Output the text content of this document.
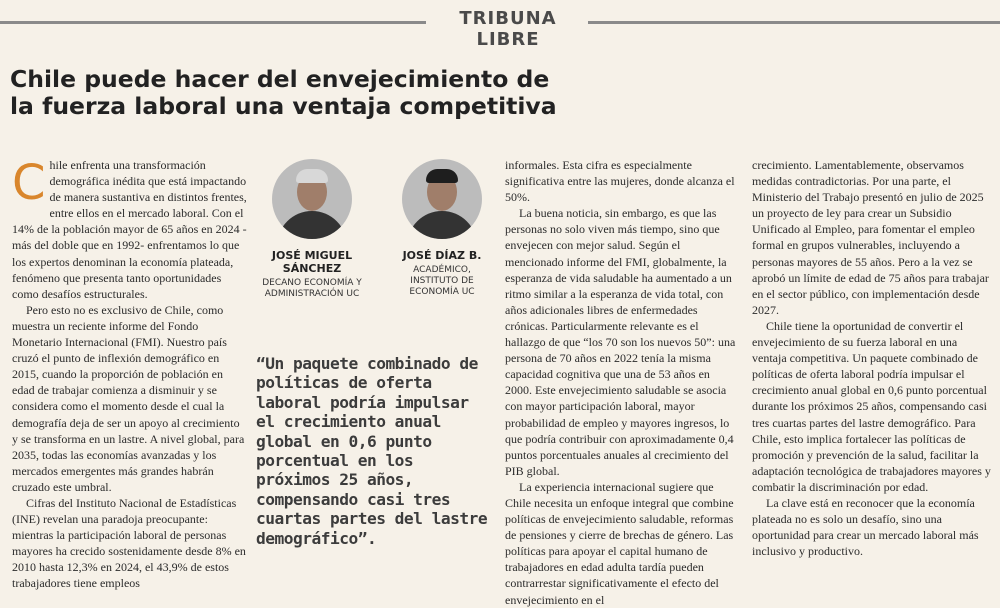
TRIBUNA LIBRE
Chile puede hacer del envejecimiento de la fuerza laboral una ventaja competitiva
C hile enfrenta una transformación demográfica inédita que está impactando de manera sustantiva en distintos frentes, entre ellos en el mercado laboral. Con el 14% de la población mayor de 65 años en 2024 -más del doble que en 1992- enfrentamos lo que los expertos denominan la economía plateada, fenómeno que presenta tanto oportunidades como desafíos estructurales.

Pero esto no es exclusivo de Chile, como muestra un reciente informe del Fondo Monetario Internacional (FMI). Nuestro país cruzó el punto de inflexión demográfico en 2015, cuando la proporción de población en edad de trabajar comienza a disminuir y se considera como el momento desde el cual la demografía deja de ser un apoyo al crecimiento y se transforma en un lastre. A nivel global, para 2035, todas las economías avanzadas y los mercados emergentes más grandes habrán cruzado este umbral.

Cifras del Instituto Nacional de Estadísticas (INE) revelan una paradoja preocupante: mientras la participación laboral de personas mayores ha crecido sostenidamente desde 8% en 2010 hasta 12,3% en 2024, el 43,9% de estos trabajadores tiene empleos

JOSÉ MIGUEL SÁNCHEZ
DECANO ECONOMÍA Y ADMINISTRACIÓN UC
JOSÉ DÍAZ B.
ACADÉMICO, INSTITUTO DE ECONOMÍA UC

“Un paquete combinado de políticas de oferta laboral podría impulsar el crecimiento anual global en 0,6 punto porcentual en los próximos 25 años, compensando casi tres cuartas partes del lastre demográfico”.

informales. Esta cifra es especialmente significativa entre las mujeres, donde alcanza el 50%.

La buena noticia, sin embargo, es que las personas no solo viven más tiempo, sino que envejecen con mejor salud. Según el mencionado informe del FMI, globalmente, la esperanza de vida saludable ha aumentado a un ritmo similar a la esperanza de vida total, con años adicionales libres de enfermedades crónicas. Particularmente relevante es el hallazgo de que “los 70 son los nuevos 50”: una persona de 70 años en 2022 tenía la misma capacidad cognitiva que una de 53 años en 2000. Este envejecimiento saludable se asocia con mayor participación laboral, mayor probabilidad de empleo y mayores ingresos, lo que podría contribuir con aproximadamente 0,4 puntos porcentuales anuales al crecimiento del PIB global.

La experiencia internacional sugiere que Chile necesita un enfoque integral que combine políticas de envejecimiento saludable, reformas de pensiones y cierre de brechas de género. Las políticas para apoyar el capital humano de trabajadores en edad adulta tardía pueden contrarrestar significativamente el efecto del envejecimiento en el

crecimiento. Lamentablemente, observamos medidas contradictorias. Por una parte, el Ministerio del Trabajo presentó en julio de 2025 un proyecto de ley para crear un Subsidio Unificado al Empleo, para fomentar el empleo formal en grupos vulnerables, incluyendo a personas mayores de 55 años. Pero a la vez se aprobó un límite de edad de 75 años para trabajar en el sector público, con implementación desde 2027.

Chile tiene la oportunidad de convertir el envejecimiento de su fuerza laboral en una ventaja competitiva. Un paquete combinado de políticas de oferta laboral podría impulsar el crecimiento anual global en 0,6 punto porcentual durante los próximos 25 años, compensando casi tres cuartas partes del lastre demográfico. Para Chile, esto implica fortalecer las políticas de promoción y prevención de la salud, facilitar la adaptación tecnológica de trabajadores mayores y combatir la discriminación por edad.

La clave está en reconocer que la economía plateada no es solo un desafío, sino una oportunidad para crear un mercado laboral más inclusivo y productivo.
